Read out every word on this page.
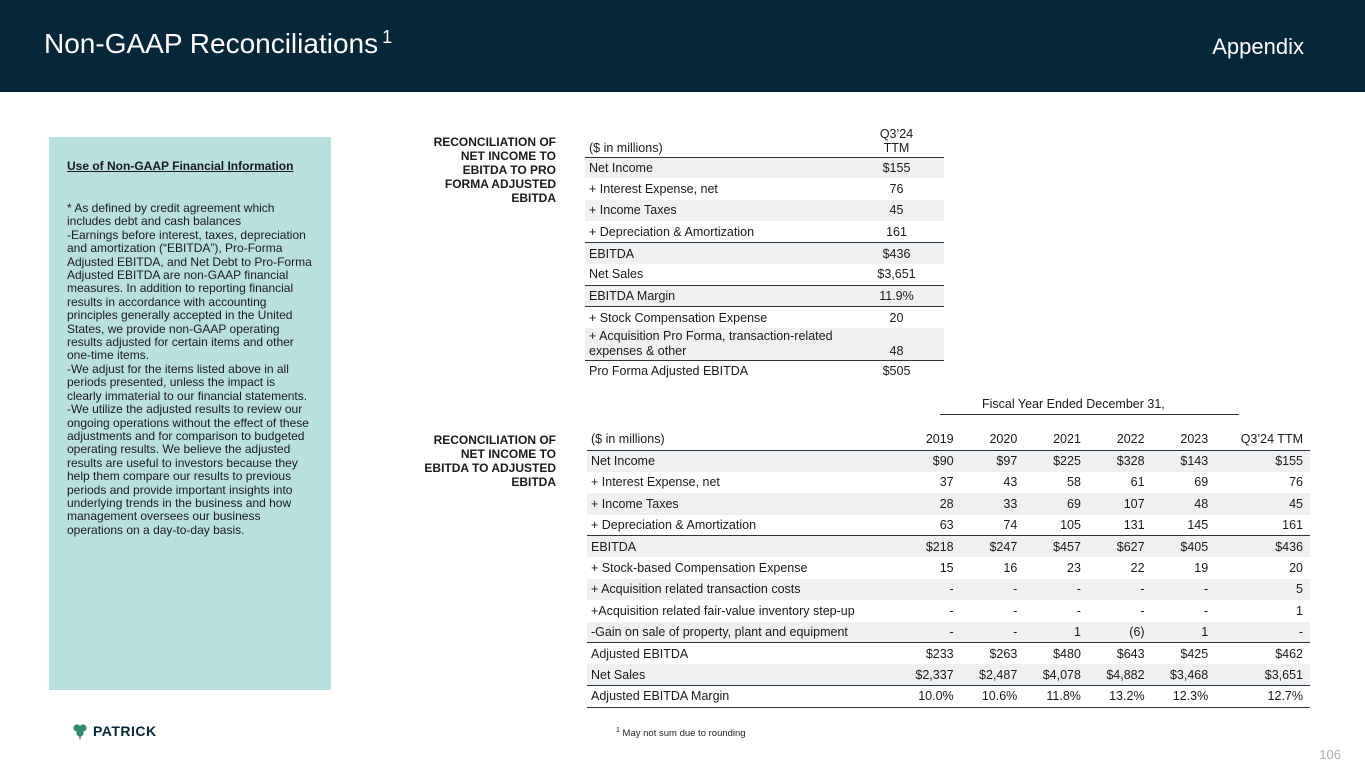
Non-GAAP Reconciliations $^1$	Appendix
Use of Non-GAAP Financial Information
* As defined by credit agreement which includes debt and cash balances
-Earnings before interest, taxes, depreciation and amortization (“EBITDA”), Pro-Forma Adjusted EBITDA, and Net Debt to Pro-Forma Adjusted EBITDA are non-GAAP financial measures. In addition to reporting financial results in accordance with accounting principles generally accepted in the United States, we provide non-GAAP operating results adjusted for certain items and other one-time items.
-We adjust for the items listed above in all periods presented, unless the impact is clearly immaterial to our financial statements.
-We utilize the adjusted results to review our ongoing operations without the effect of these adjustments and for comparison to budgeted operating results. We believe the adjusted results are useful to investors because they help them compare our results to previous periods and provide important insights into underlying trends in the business and how management oversees our business operations on a day-to-day basis.
RECONCILIATION OF
NET INCOME TO
EBITDA TO PRO
FORMA ADJUSTED
EBITDA
($ in millions)	Q3’24
TTM
Net Income	$155
+ Interest Expense, net	76
+ Income Taxes	45
+ Depreciation & Amortization	161
EBITDA	$436
Net Sales	$3,651
EBITDA Margin	11.9%
+ Stock Compensation Expense	20
+ Acquisition Pro Forma, transaction-related expenses & other	48
Pro Forma Adjusted EBITDA	$505
Fiscal Year Ended December 31,
RECONCILIATION OF
NET INCOME TO
EBITDA TO ADJUSTED
EBITDA
($ in millions)	2019	2020	2021	2022	2023	Q3’24 TTM
Net Income	$90	$97	$225	$328	$143	$155
+ Interest Expense, net	37	43	58	61	69	76
+ Income Taxes	28	33	69	107	48	45
+ Depreciation & Amortization	63	74	105	131	145	161
EBITDA	$218	$247	$457	$627	$405	$436
+ Stock-based Compensation Expense	15	16	23	22	19	20
+ Acquisition related transaction costs	-	-	-	-	-	5
+Acquisition related fair-value inventory step-up	-	-	-	-	-	1
-Gain on sale of property, plant and equipment	-	-	1	(6)	1	-
Adjusted EBITDA	$233	$263	$480	$643	$425	$462
Net Sales	$2,337	$2,487	$4,078	$4,882	$3,468	$3,651
Adjusted EBITDA Margin	10.0%	10.6%	11.8%	13.2%	12.3%	12.7%
PATRICK	$^1$ May not sum due to rounding
106
